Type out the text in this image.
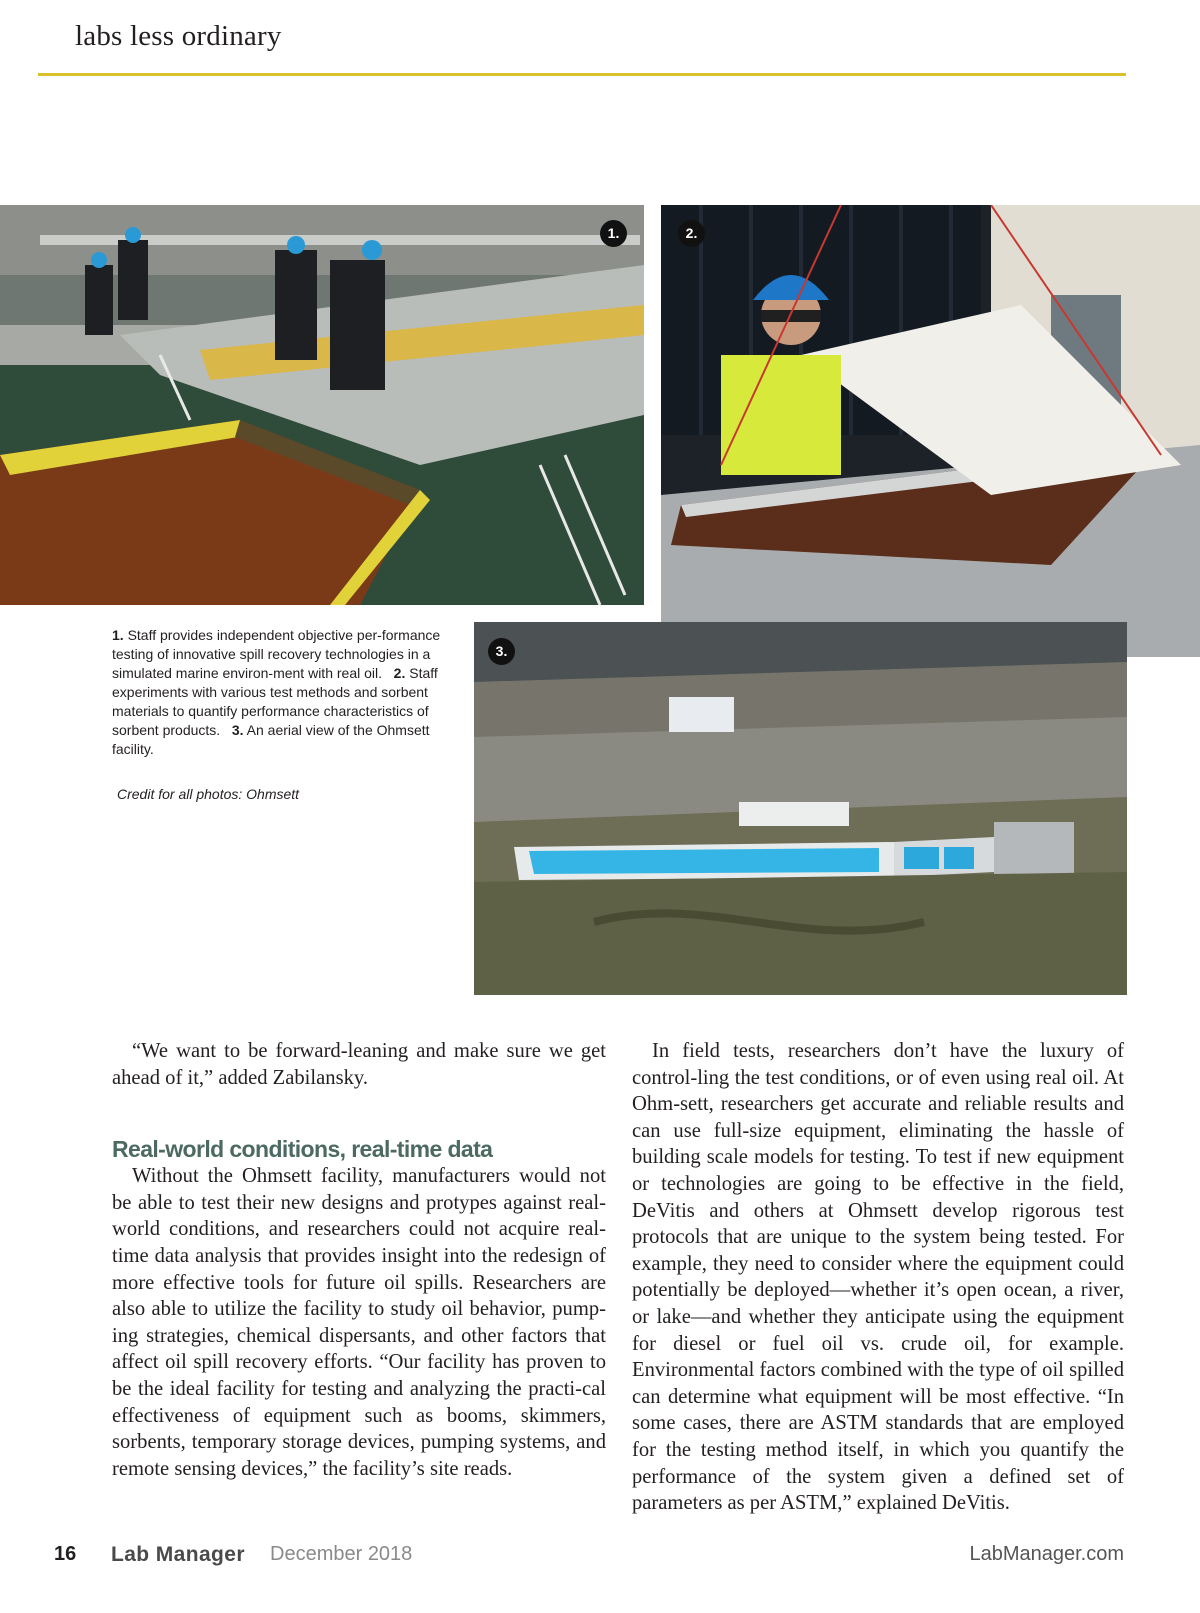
labs less ordinary
1.	2.
3.
1. Staff provides independent objective per-formance testing of innovative spill recovery technologies in a simulated marine environ-ment with real oil. 2. Staff experiments with various test methods and sorbent materials to quantify performance characteristics of sorbent products. 3. An aerial view of the Ohmsett facility.
Credit for all photos: Ohmsett

“We want to be forward-leaning and make sure we get ahead of it,” added Zabilansky.

Real-world conditions, real-time data

Without the Ohmsett facility, manufacturers would not be able to test their new designs and protypes against real-world conditions, and researchers could not acquire real-time data analysis that provides insight into the redesign of more effective tools for future oil spills. Researchers are also able to utilize the facility to study oil behavior, pump-ing strategies, chemical dispersants, and other factors that affect oil spill recovery efforts. “Our facility has proven to be the ideal facility for testing and analyzing the practi-cal effectiveness of equipment such as booms, skimmers, sorbents, temporary storage devices, pumping systems, and remote sensing devices,” the facility’s site reads.

In field tests, researchers don’t have the luxury of control-ling the test conditions, or of even using real oil. At Ohm-sett, researchers get accurate and reliable results and can use full-size equipment, eliminating the hassle of building scale models for testing. To test if new equipment or technologies are going to be effective in the field, DeVitis and others at Ohmsett develop rigorous test protocols that are unique to the system being tested. For example, they need to consider where the equipment could potentially be deployed—whether it’s open ocean, a river, or lake—and whether they anticipate using the equipment for diesel or fuel oil vs. crude oil, for example. Environmental factors combined with the type of oil spilled can determine what equipment will be most effective. “In some cases, there are ASTM standards that are employed for the testing method itself, in which you quantify the performance of the system given a defined set of parameters as per ASTM,” explained DeVitis.

16 Lab Manager December 2018	LabManager.com
